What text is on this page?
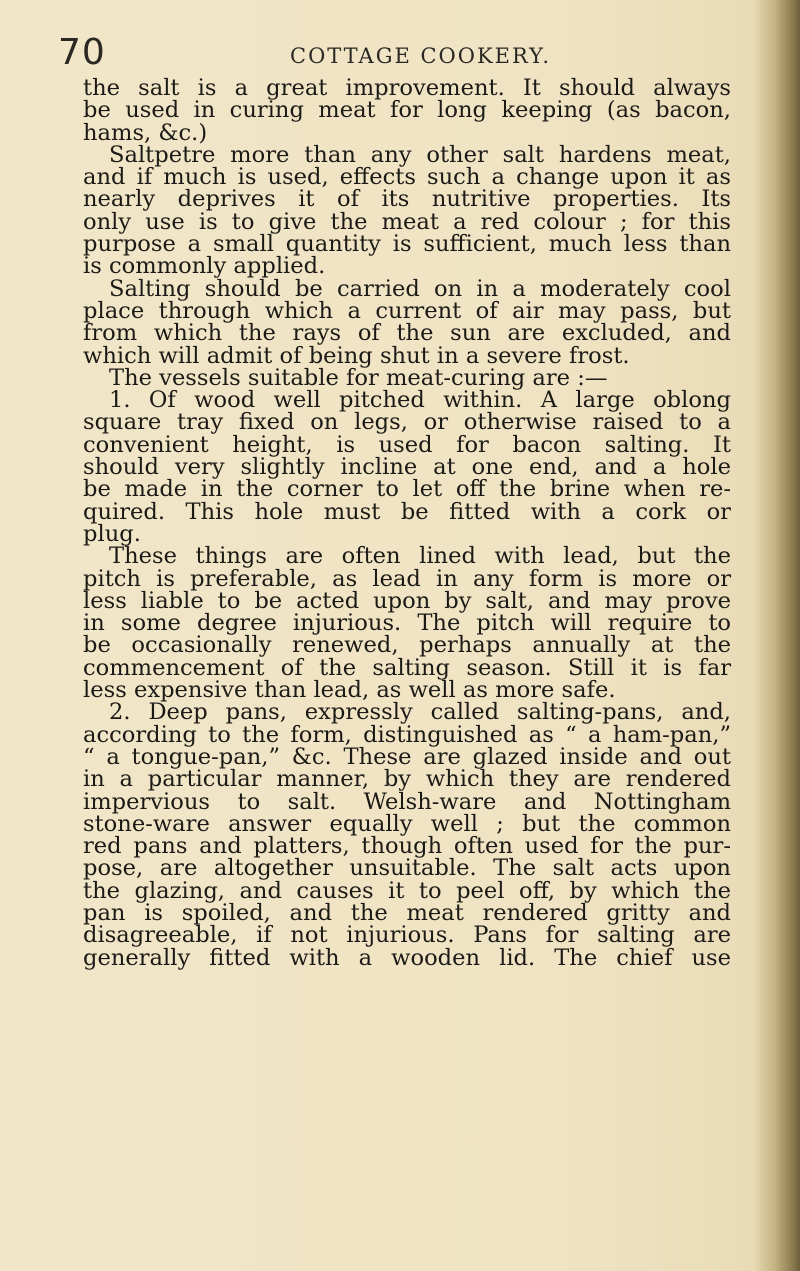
70	COTTAGE COOKERY.
the salt is a great improvement. It should always
be used in curing meat for long keeping (as bacon,
hams, &c.)
Saltpetre more than any other salt hardens meat,
and if much is used, effects such a change upon it as
nearly deprives it of its nutritive properties. Its
only use is to give the meat a red colour ; for this
purpose a small quantity is sufficient, much less than
is commonly applied.
Salting should be carried on in a moderately cool
place through which a current of air may pass, but
from which the rays of the sun are excluded, and
which will admit of being shut in a severe frost.
The vessels suitable for meat-curing are :—
1. Of wood well pitched within. A large oblong
square tray fixed on legs, or otherwise raised to a
convenient height, is used for bacon salting. It
should very slightly incline at one end, and a hole
be made in the corner to let off the brine when re-
quired. This hole must be fitted with a cork or
plug.
These things are often lined with lead, but the
pitch is preferable, as lead in any form is more or
less liable to be acted upon by salt, and may prove
in some degree injurious. The pitch will require to
be occasionally renewed, perhaps annually at the
commencement of the salting season. Still it is far
less expensive than lead, as well as more safe.
2. Deep pans, expressly called salting-pans, and,
according to the form, distinguished as “ a ham-pan,”
“ a tongue-pan,” &c. These are glazed inside and out
in a particular manner, by which they are rendered
impervious to salt. Welsh-ware and Nottingham
stone-ware answer equally well ; but the common
red pans and platters, though often used for the pur-
pose, are altogether unsuitable. The salt acts upon
the glazing, and causes it to peel off, by which the
pan is spoiled, and the meat rendered gritty and
disagreeable, if not injurious. Pans for salting are
generally fitted with a wooden lid. The chief use
